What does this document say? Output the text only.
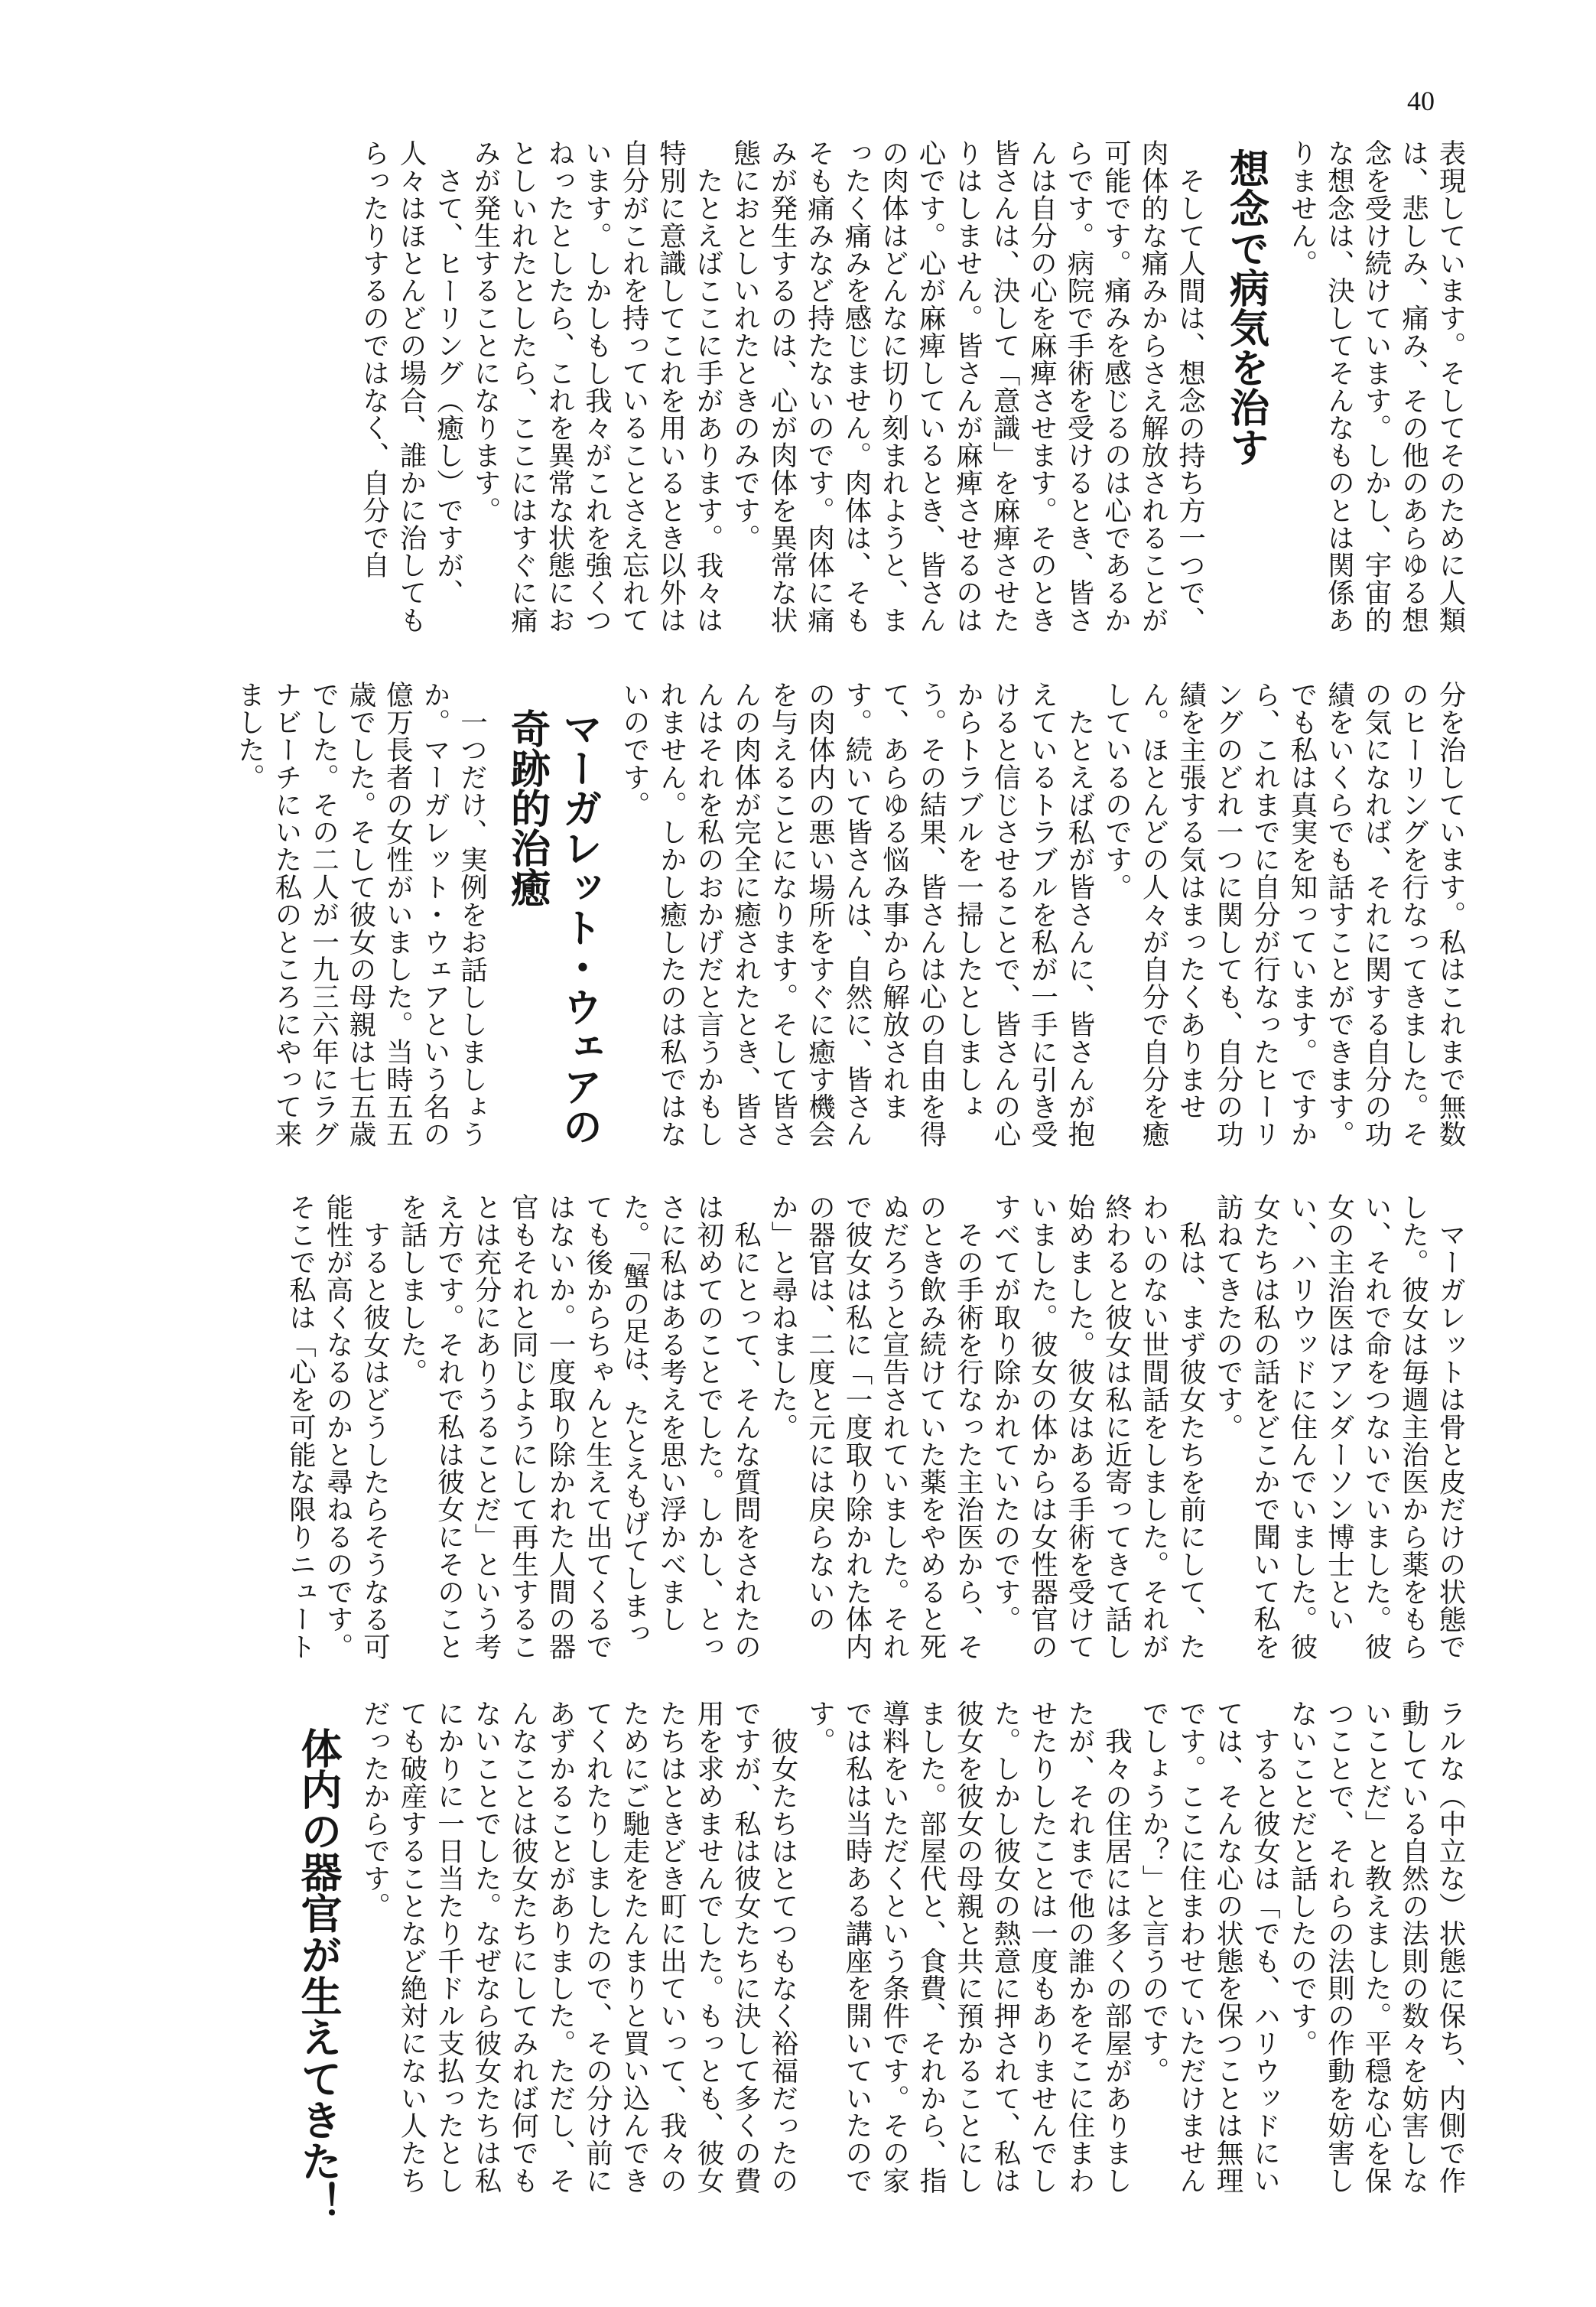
40

表現しています。そしてそのために人類は、悲しみ、痛み、その他のあらゆる想念を受け続けています。しかし、宇宙的な想念は、決してそんなものとは関係ありません。

想念で病気を治す

そして人間は、想念の持ち方一つで、肉体的な痛みからさえ解放されることが可能です。痛みを感じるのは心であるからです。病院で手術を受けるとき、皆さんは自分の心を麻痺させます。そのとき皆さんは、決して「意識」を麻痺させたりはしません。皆さんが麻痺させるのは心です。心が麻痺しているとき、皆さんの肉体はどんなに切り刻まれようと、まったく痛みを感じません。肉体は、そもそも痛みなど持たないのです。肉体に痛みが発生するのは、心が肉体を異常な状態におとしいれたときのみです。

たとえばここに手があります。我々は特別に意識してこれを用いるとき以外は自分がこれを持っていることさえ忘れています。しかしもし我々がこれを強くつねったとしたら、これを異常な状態におとしいれたとしたら、ここにはすぐに痛みが発生することになります。

さて、ヒーリング（癒し）ですが、人々はほとんどの場合、誰かに治してもらったりするのではなく、自分で自

分を治しています。私はこれまで無数のヒーリングを行なってきました。その気になれば、それに関する自分の功績をいくらでも話すことができます。でも私は真実を知っています。ですから、これまでに自分が行なったヒーリングのどれ一つに関しても、自分の功績を主張する気はまったくありません。ほとんどの人々が自分で自分を癒しているのです。

たとえば私が皆さんに、皆さんが抱えているトラブルを私が一手に引き受けると信じさせることで、皆さんの心からトラブルを一掃したとしましょう。その結果、皆さんは心の自由を得て、あらゆる悩み事から解放されます。続いて皆さんは、自然に、皆さんの肉体内の悪い場所をすぐに癒す機会を与えることになります。そして皆さんの肉体が完全に癒されたとき、皆さんはそれを私のおかげだと言うかもしれません。しかし癒したのは私ではないのです。

マーガレット・ウェアの
奇跡的治癒

一つだけ、実例をお話ししましょうか。マーガレット・ウェアという名の億万長者の女性がいました。当時五五歳でした。そして彼女の母親は七五歳でした。その二人が一九三六年にラグナビーチにいた私のところにやって来ました。

マーガレットは骨と皮だけの状態でした。彼女は毎週主治医から薬をもらい、それで命をつないでいました。彼女の主治医はアンダーソン博士といい、ハリウッドに住んでいました。彼女たちは私の話をどこかで聞いて私を訪ねてきたのです。

私は、まず彼女たちを前にして、たわいのない世間話をしました。それが終わると彼女は私に近寄ってきて話し始めました。彼女はある手術を受けていました。彼女の体からは女性器官のすべてが取り除かれていたのです。

その手術を行なった主治医から、そのとき飲み続けていた薬をやめると死ぬだろうと宣告されていました。それで彼女は私に「一度取り除かれた体内の器官は、二度と元には戻らないのか」と尋ねました。

私にとって、そんな質問をされたのは初めてのことでした。しかし、とっさに私はある考えを思い浮かべました。「蟹の足は、たとえもげてしまっても後からちゃんと生えて出てくるではないか。一度取り除かれた人間の器官もそれと同じようにして再生することは充分にありうることだ」という考え方です。それで私は彼女にそのことを話しました。

すると彼女はどうしたらそうなる可能性が高くなるのかと尋ねるのです。そこで私は「心を可能な限りニュート

ラルな（中立な）状態に保ち、内側で作動している自然の法則の数々を妨害しないことだ」と教えました。平穏な心を保つことで、それらの法則の作動を妨害しないことだと話したのです。

すると彼女は「でも、ハリウッドにいては、そんな心の状態を保つことは無理です。ここに住まわせていただけませんでしょうか？」と言うのです。

我々の住居には多くの部屋がありましたが、それまで他の誰かをそこに住まわせたりしたことは一度もありませんでした。しかし彼女の熱意に押されて、私は彼女を彼女の母親と共に預かることにしました。部屋代と、食費、それから、指導料をいただくという条件です。その家では私は当時ある講座を開いていたのです。

彼女たちはとてつもなく裕福だったのですが、私は彼女たちに決して多くの費用を求めませんでした。もっとも、彼女たちはときどき町に出ていって、我々のためにご馳走をたんまりと買い込んできてくれたりしましたので、その分け前にあずかることがありました。ただし、そんなことは彼女たちにしてみれば何でもないことでした。なぜなら彼女たちは私にかりに一日当たり千ドル支払ったとしても破産することなど絶対にない人たちだったからです。

体内の器官が生えてきた！
